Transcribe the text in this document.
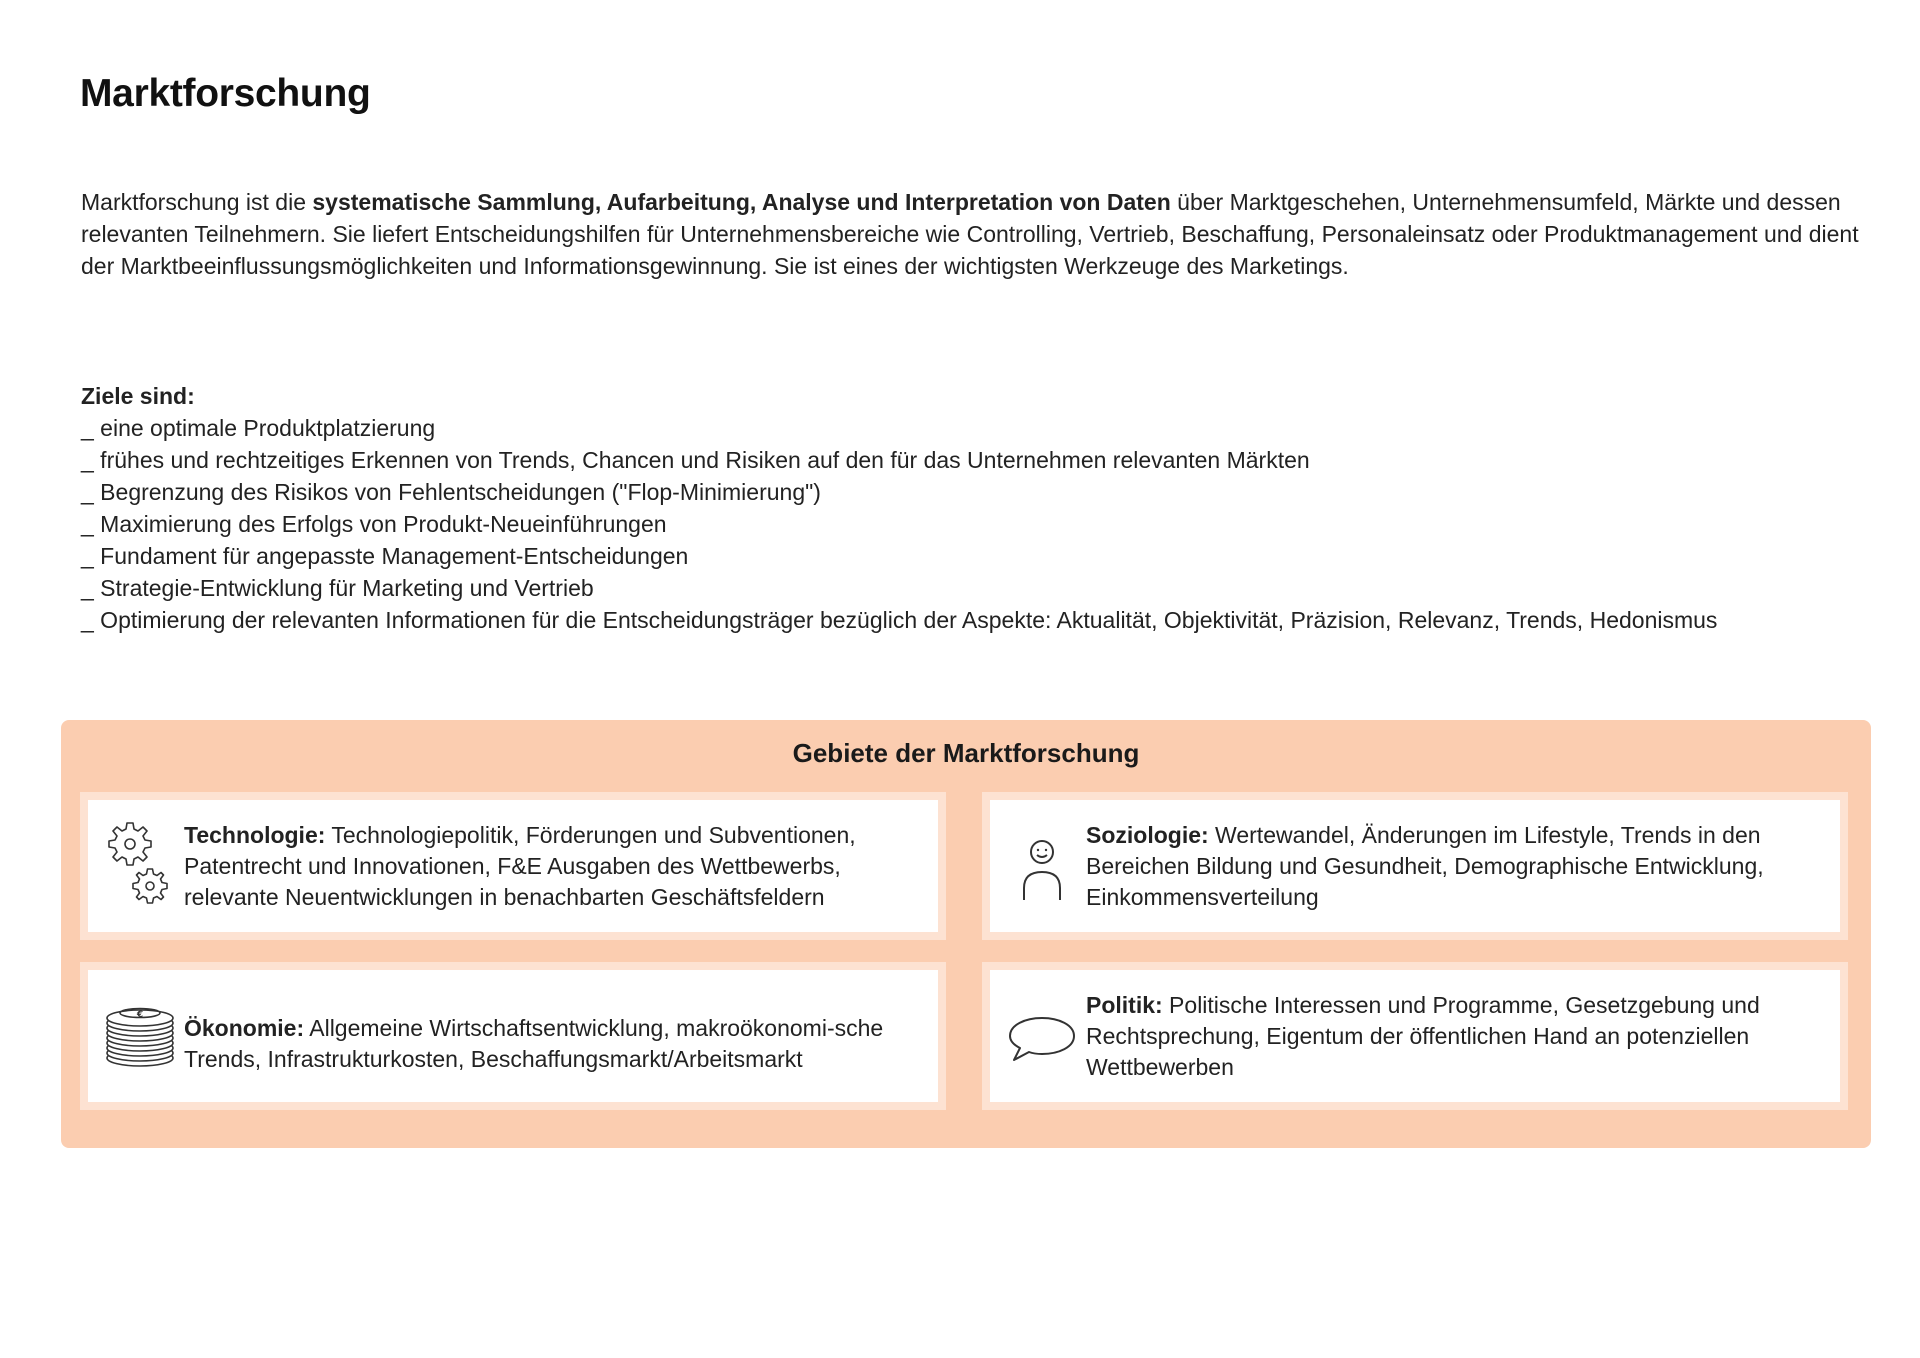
Marktforschung

Marktforschung ist die systematische Sammlung, Aufarbeitung, Analyse und Interpretation von Daten über Marktgeschehen, Unternehmensumfeld, Märkte und dessen relevanten Teilnehmern. Sie liefert Entscheidungshilfen für Unternehmensbereiche wie Controlling, Vertrieb, Beschaffung, Personaleinsatz oder Produktmanagement und dient der Marktbeeinflussungsmöglichkeiten und Informationsgewinnung. Sie ist eines der wichtigsten Werkzeuge des Marketings.

Ziele sind:
_ eine optimale Produktplatzierung
_ frühes und rechtzeitiges Erkennen von Trends, Chancen und Risiken auf den für das Unternehmen relevanten Märkten
_ Begrenzung des Risikos von Fehlentscheidungen ("Flop-Minimierung")
_ Maximierung des Erfolgs von Produkt-Neueinführungen
_ Fundament für angepasste Management-Entscheidungen
_ Strategie-Entwicklung für Marketing und Vertrieb
_ Optimierung der relevanten Informationen für die Entscheidungsträger bezüglich der Aspekte: Aktualität, Objektivität, Präzision, Relevanz, Trends, Hedonismus
Gebiete der Marktforschung
Technologie: Technologiepolitik, Förderungen und Subventionen, Patentrecht und Innovationen, F&E Ausgaben des Wettbewerbs, relevante Neuentwicklungen in benachbarten Geschäftsfeldern
Soziologie: Wertewandel, Änderungen im Lifestyle, Trends in den Bereichen Bildung und Gesundheit, Demographische Entwicklung, Einkommensverteilung
€ Ökonomie: Allgemeine Wirtschaftsentwicklung, makroökonomi-sche Trends, Infrastrukturkosten, Beschaffungsmarkt/Arbeitsmarkt
Politik: Politische Interessen und Programme, Gesetzgebung und Rechtsprechung, Eigentum der öffentlichen Hand an potenziellen Wettbewerben
